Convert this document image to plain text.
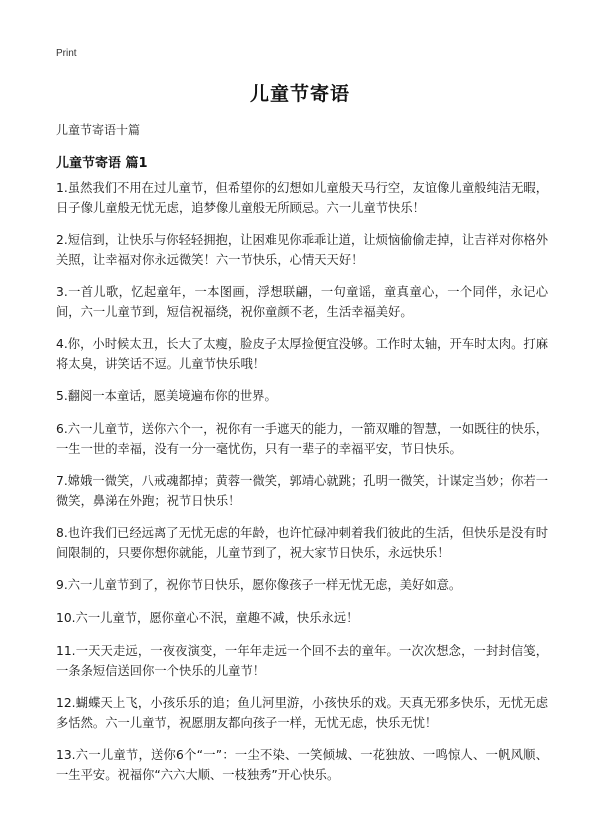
Print
儿童节寄语
儿童节寄语十篇
儿童节寄语 篇1

1.虽然我们不用在过儿童节，但希望你的幻想如儿童般天马行空，友谊像儿童般纯洁无暇，日子像儿童般无忧无虑，追梦像儿童般无所顾忌。六一儿童节快乐！

2.短信到，让快乐与你轻轻拥抱，让困难见你乖乖让道，让烦恼偷偷走掉，让吉祥对你格外关照，让幸福对你永远微笑！六一节快乐，心情天天好！

3.一首儿歌，忆起童年，一本图画，浮想联翩，一句童谣，童真童心，一个同伴，永记心间，六一儿童节到，短信祝福绕，祝你童颜不老，生活幸福美好。

4.你，小时候太丑，长大了太瘦，脸皮子太厚捡便宜没够。工作时太轴，开车时太肉。打麻将太臭，讲笑话不逗。儿童节快乐哦！

5.翻阅一本童话，愿美境遍布你的世界。

6.六一儿童节，送你六个一，祝你有一手遮天的能力，一箭双雕的智慧，一如既往的快乐，一生一世的幸福，没有一分一毫忧伤，只有一辈子的幸福平安，节日快乐。

7.嫦娥一微笑，八戒魂都掉；黄蓉一微笑，郭靖心就跳；孔明一微笑，计谋定当妙；你若一微笑，鼻涕在外跑；祝节日快乐！

8.也许我们已经远离了无忧无虑的年龄，也许忙碌冲刺着我们彼此的生活，但快乐是没有时间限制的，只要你想你就能，儿童节到了，祝大家节日快乐，永远快乐！

9.六一儿童节到了，祝你节日快乐，愿你像孩子一样无忧无虑，美好如意。

10.六一儿童节，愿你童心不泯，童趣不减，快乐永远！

11.一天天走远，一夜夜演变，一年年走远一个回不去的童年。一次次想念，一封封信笺，一条条短信送回你一个快乐的儿童节！

12.蝴蝶天上飞，小孩乐乐的追；鱼儿河里游，小孩快乐的戏。天真无邪多快乐，无忧无虑多恬然。六一儿童节，祝愿朋友都向孩子一样，无忧无虑，快乐无忧！

13.六一儿童节，送你6个“一”：一尘不染、一笑倾城、一花独放、一鸣惊人、一帆风顺、一生平安。祝福你“六六大顺、一枝独秀”开心快乐。
